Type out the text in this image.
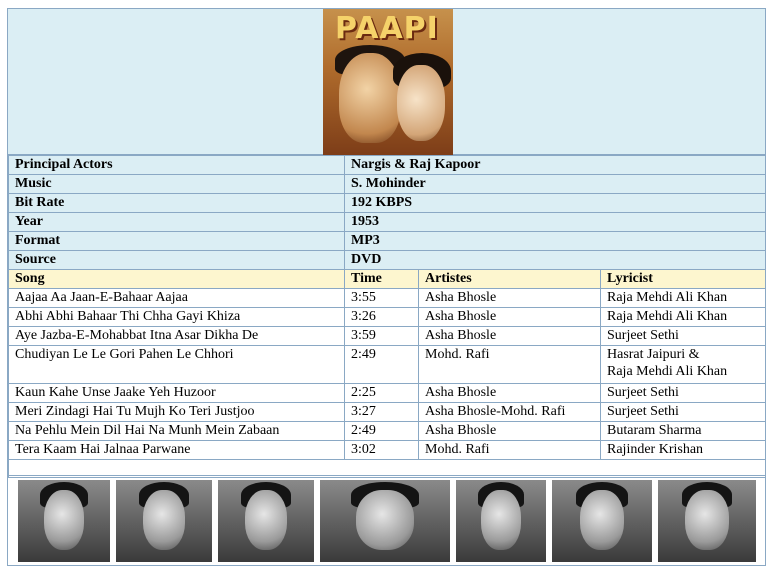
PAAPI
Principal Actors	Nargis & Raj Kapoor		
Music	S. Mohinder		
Bit Rate	192 KBPS		
Year	1953		
Format	MP3		
Source	DVD		
Song	Time	Artistes	Lyricist
Aajaa Aa Jaan-E-Bahaar Aajaa	3:55	Asha Bhosle	Raja Mehdi Ali Khan
Abhi Abhi Bahaar Thi Chha Gayi Khiza	3:26	Asha Bhosle	Raja Mehdi Ali Khan
Aye Jazba-E-Mohabbat Itna Asar Dikha De	3:59	Asha Bhosle	Surjeet Sethi
Chudiyan Le Le Gori Pahen Le Chhori	2:49	Mohd. Rafi	Hasrat Jaipuri &
Raja Mehdi Ali Khan
Kaun Kahe Unse Jaake Yeh Huzoor	2:25	Asha Bhosle	Surjeet Sethi
Meri Zindagi Hai Tu Mujh Ko Teri Justjoo	3:27	Asha Bhosle-Mohd. Rafi	Surjeet Sethi
Na Pehlu Mein Dil Hai Na Munh Mein Zabaan	2:49	Asha Bhosle	Butaram Sharma
Tera Kaam Hai Jalnaa Parwane	3:02	Mohd. Rafi	Rajinder Krishan
